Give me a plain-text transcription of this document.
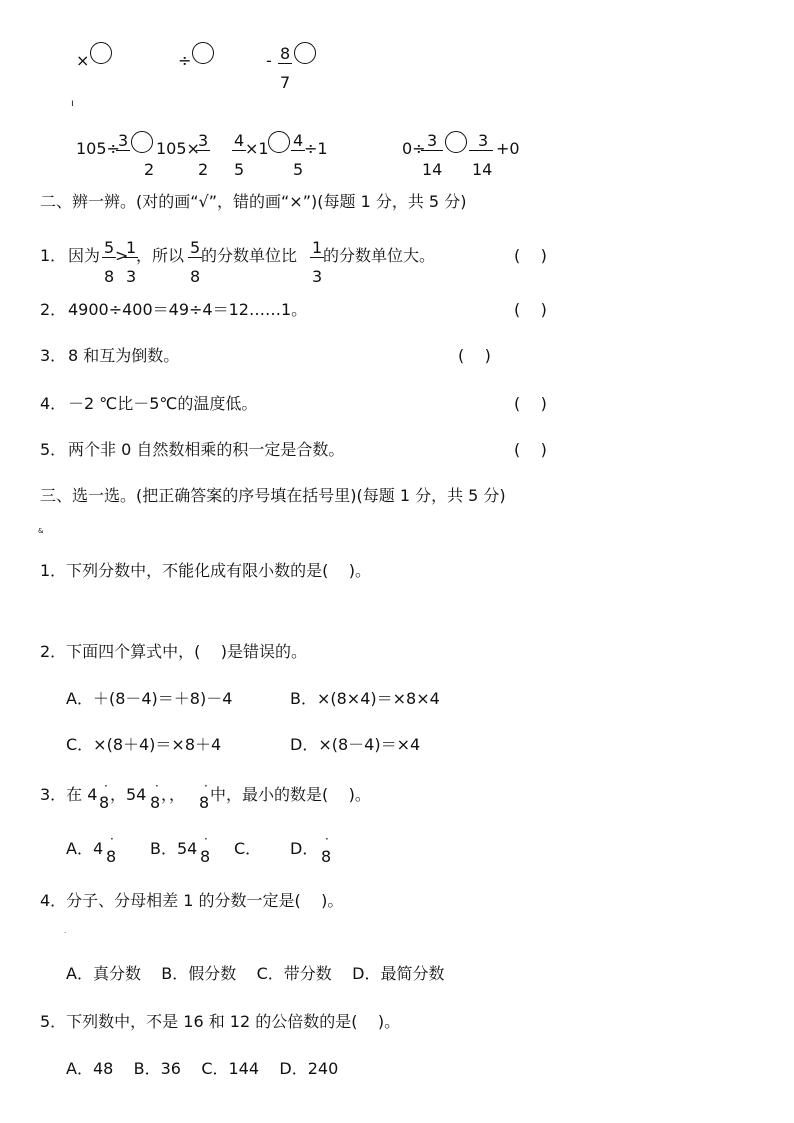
×	÷	- 8
7
ı
105÷
3
2
105×
3
2
4
5
×1 4
5
÷1	0÷ 3
14
3
14
+0
二、辨一辨。(对的画“√”，错的画“×”)(每题 1 分，共 5 分)
1． 因为 5
8
>
1
3
，所以 5
8
的分数单位比 1
3
的分数单位大。	(    )
2． 4900÷400＝49÷4＝12……1。	(    )
3． 8 和互为倒数。	(    )
4． －2 ℃比－5℃的温度低。	(    )
5． 两个非 0 自然数相乘的积一定是合数。	(    )
三、选一选。(把正确答案的序号填在括号里)(每题 1 分，共 5 分)
&
1．下列分数中，不能化成有限小数的是(    )。
2．下面四个算式中，(    )是错误的。
A．＋(8－4)＝＋8)－4	B．×(8×4)＝×8×4
C．×(8＋4)＝×8＋4	D．×(8－4)＝×4
3．在 4 ·
8 ，54 ·
8 ，， ·
8 中，最小的数是(    )。
A．4 ·
8 B．54 ·
8 C． D． ·
8
4．分子、分母相差 1 的分数一定是(    )。
·
A．真分数    B．假分数    C．带分数    D．最简分数
5．下列数中，不是 16 和 12 的公倍数的是(    )。
A．48    B．36    C．144    D．240
